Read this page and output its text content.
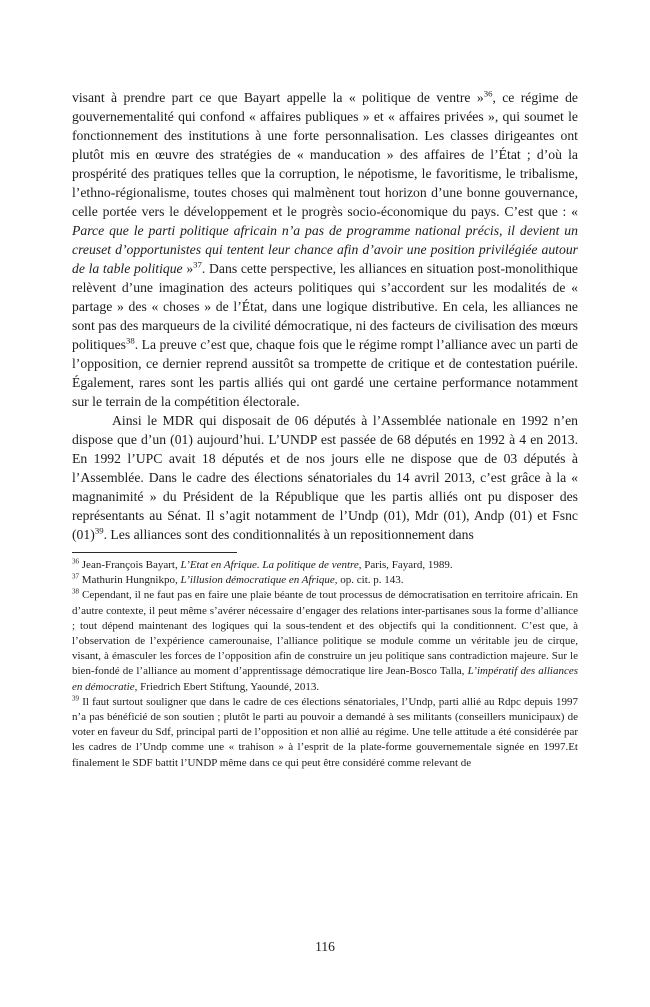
visant à prendre part ce que Bayart appelle la « politique de ventre »$^{36}$, ce régime de gouvernementalité qui confond « affaires publiques » et « affaires privées », qui soumet le fonctionnement des institutions à une forte personnalisation. Les classes dirigeantes ont plutôt mis en œuvre des stratégies de « manducation » des affaires de l’État ; d’où la prospérité des pratiques telles que la corruption, le népotisme, le favoritisme, le tribalisme, l’ethno-régionalisme, toutes choses qui malmènent tout horizon d’une bonne gouvernance, celle portée vers le développement et le progrès socio-économique du pays. C’est que : « Parce que le parti politique africain n’a pas de programme national précis, il devient un creuset d’opportunistes qui tentent leur chance afin d’avoir une position privilégiée autour de la table politique »$^{37}$. Dans cette perspective, les alliances en situation post-monolithique relèvent d’une imagination des acteurs politiques qui s’accordent sur les modalités de « partage » des « choses » de l’État, dans une logique distributive. En cela, les alliances ne sont pas des marqueurs de la civilité démocratique, ni des facteurs de civilisation des mœurs politiques$^{38}$. La preuve c’est que, chaque fois que le régime rompt l’alliance avec un parti de l’opposition, ce dernier reprend aussitôt sa trompette de critique et de contestation puérile. Également, rares sont les partis alliés qui ont gardé une certaine performance notamment sur le terrain de la compétition électorale.

Ainsi le MDR qui disposait de 06 députés à l’Assemblée nationale en 1992 n’en dispose que d’un (01) aujourd’hui. L’UNDP est passée de 68 députés en 1992 à 4 en 2013. En 1992 l’UPC avait 18 députés et de nos jours elle ne dispose que de 03 députés à l’Assemblée. Dans le cadre des élections sénatoriales du 14 avril 2013, c’est grâce à la « magnanimité » du Président de la République que les partis alliés ont pu disposer des représentants au Sénat. Il s’agit notamment de l’Undp (01), Mdr (01), Andp (01) et Fsnc $(01)^{39}$. Les alliances sont des conditionnalités à un repositionnement dans

$^{36}$ Jean-François Bayart, L’Etat en Afrique. La politique de ventre, Paris, Fayard, 1989.

$^{37}$ Mathurin Hungnikpo, L’illusion démocratique en Afrique, op. cit. p. 143.

$^{38}$ Cependant, il ne faut pas en faire une plaie béante de tout processus de démocratisation en territoire africain. En d’autre contexte, il peut même s’avérer nécessaire d’engager des relations inter-partisanes sous la forme d’alliance ; tout dépend maintenant des logiques qui la sous-tendent et des objectifs qui la conditionnent. C’est que, à l’observation de l’expérience camerounaise, l’alliance politique se module comme un véritable jeu de cirque, visant, à émasculer les forces de l’opposition afin de construire un jeu politique sans contradiction majeure. Sur le bien-fondé de l’alliance au moment d’apprentissage démocratique lire Jean-Bosco Talla, L’impératif des alliances en démocratie, Friedrich Ebert Stiftung, Yaoundé, 2013.

$^{39}$ Il faut surtout souligner que dans le cadre de ces élections sénatoriales, l’Undp, parti allié au Rdpc depuis 1997 n’a pas bénéficié de son soutien ; plutôt le parti au pouvoir a demandé à ses militants (conseillers municipaux) de voter en faveur du Sdf, principal parti de l’opposition et non allié au régime. Une telle attitude a été considérée par les cadres de l’Undp comme une « trahison » à l’esprit de la plate-forme gouvernementale signée en 1997.Et finalement le SDF battit l’UNDP même dans ce qui peut être considéré comme relevant de

116
